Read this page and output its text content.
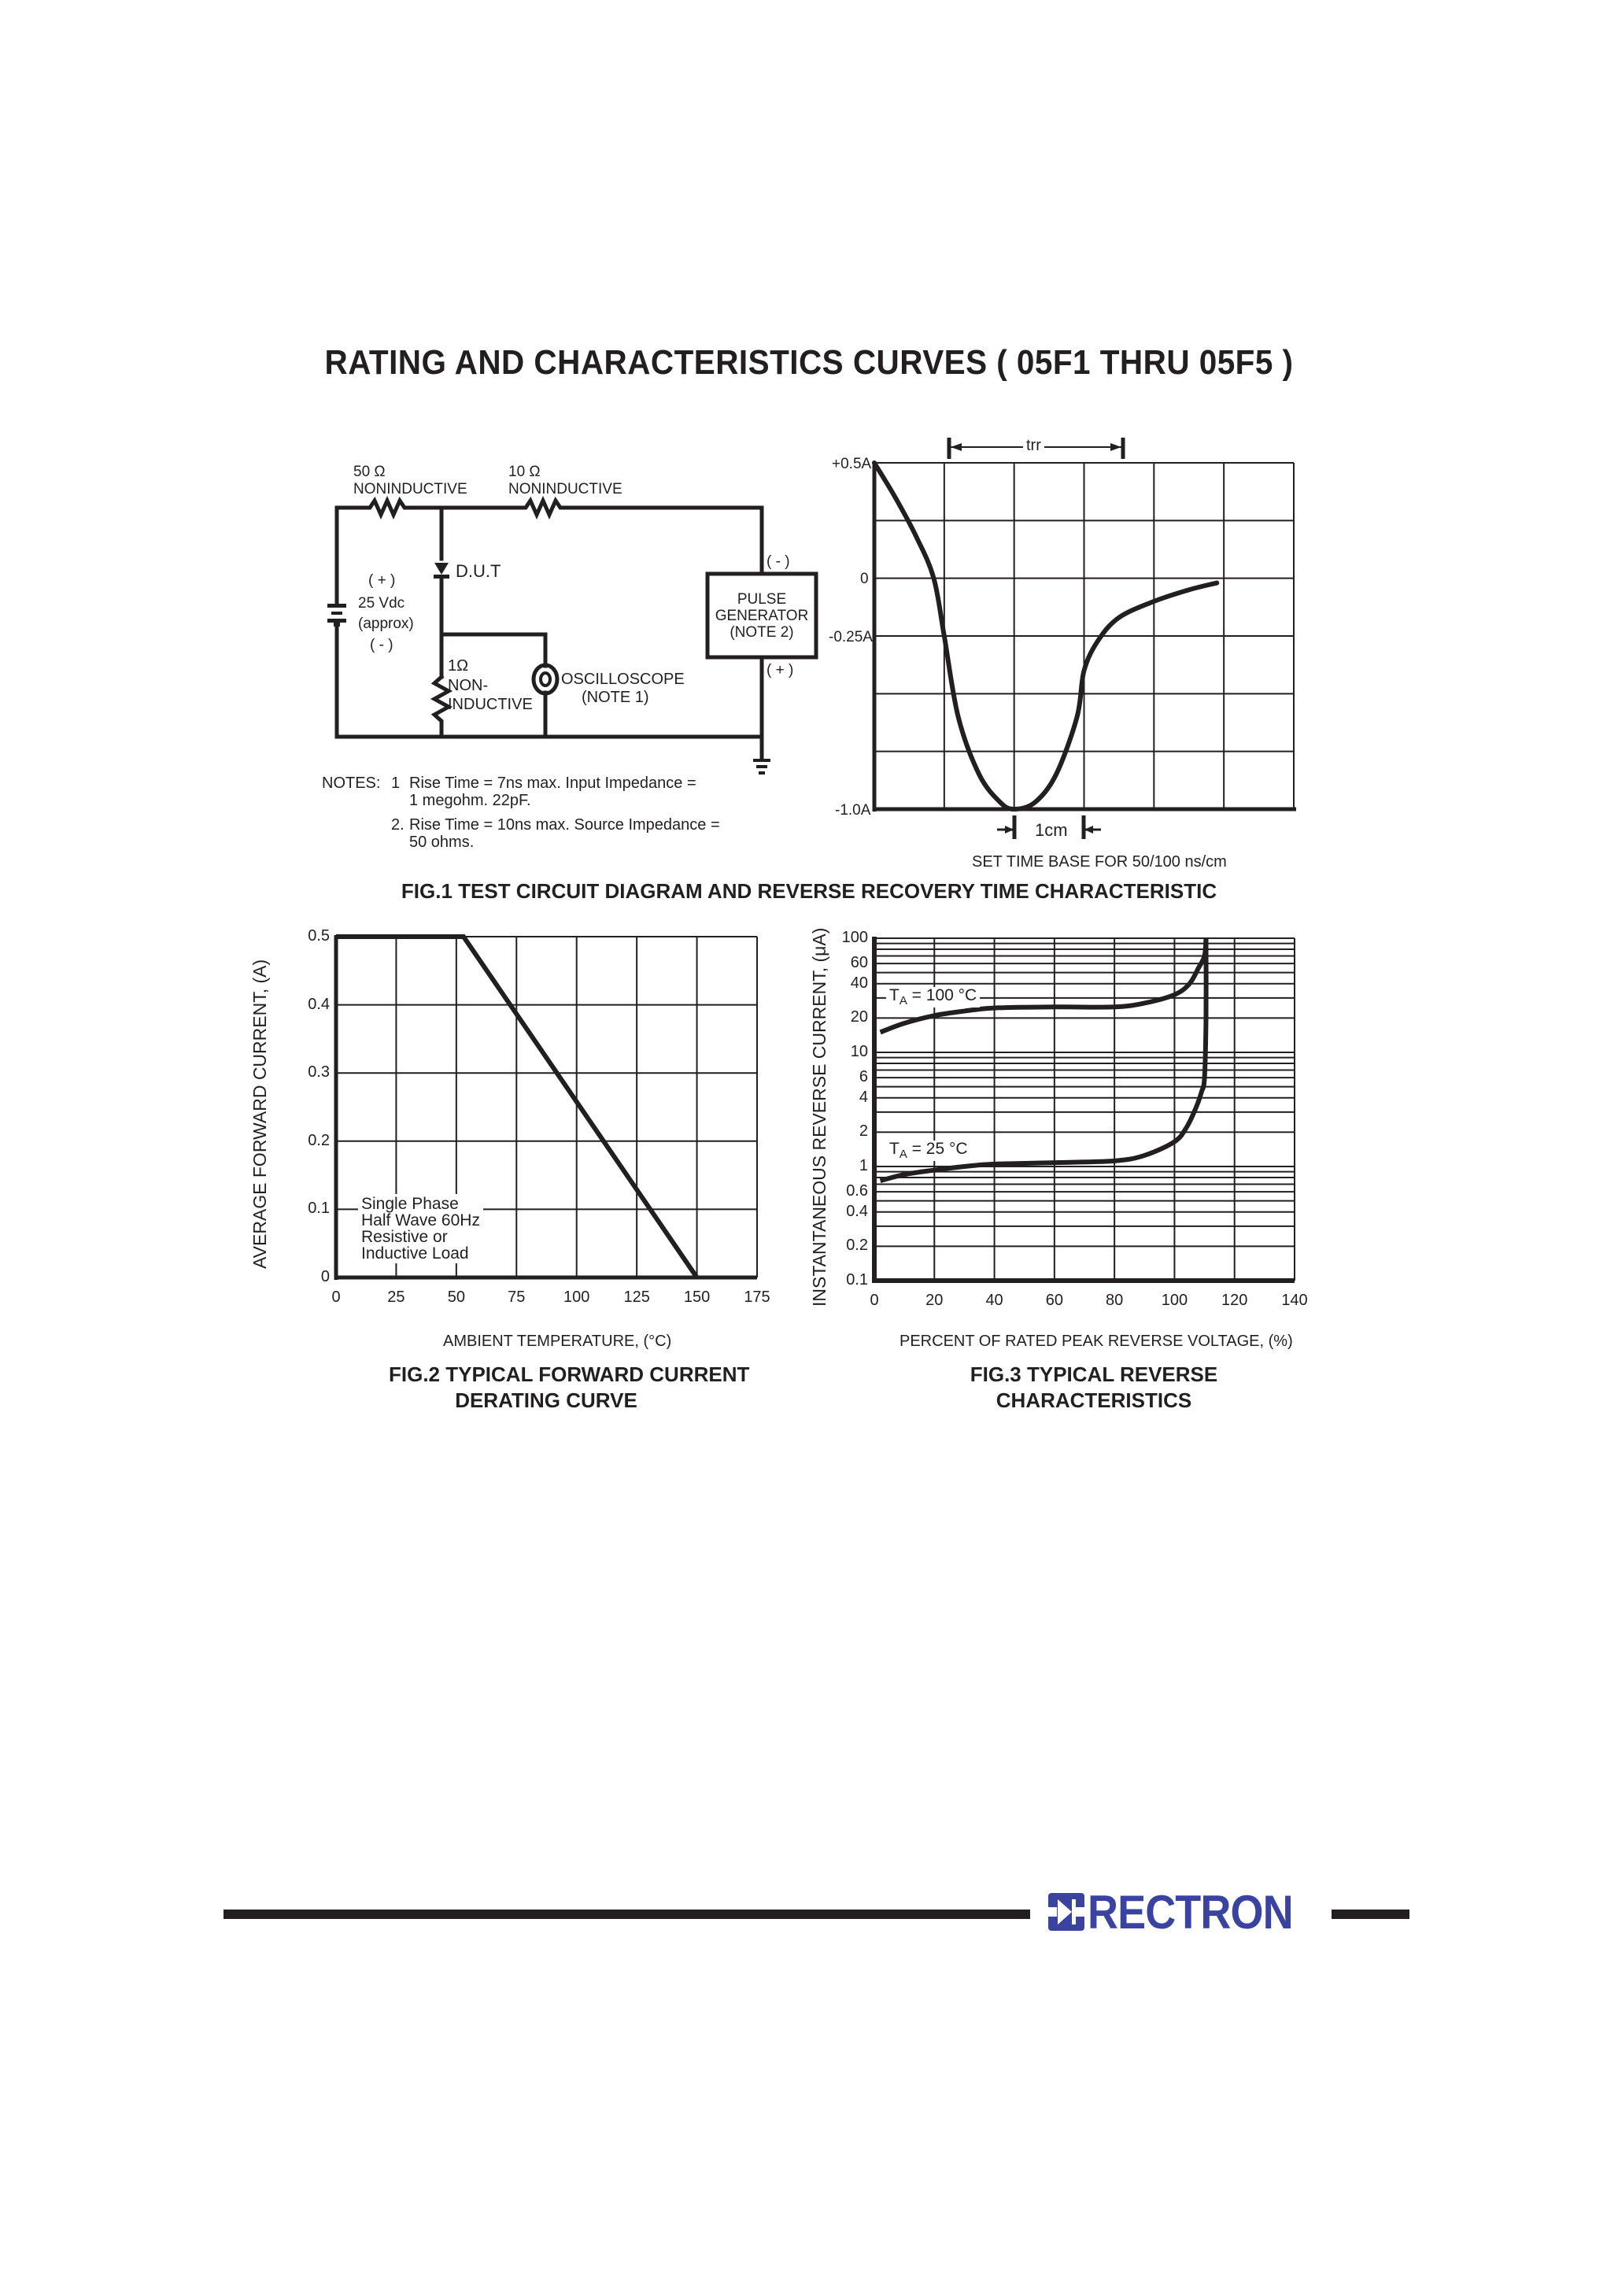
RATING AND CHARACTERISTICS CURVES ( 05F1 THRU 05F5 )
50 Ω
NONINDUCTIVE
10 Ω
NONINDUCTIVE
D.U.T
( + )
25 Vdc
(approx)
( - )
1Ω
NON-
INDUCTIVE
OSCILLOSCOPE
(NOTE 1)
( - )
( + )
PULSE
GENERATOR
(NOTE 2)
NOTES: 1 Rise Time = 7ns max. Input Impedance =
1 megohm. 22pF.
2. Rise Time = 10ns max. Source Impedance =
50 ohms.
+0.5A
0
-0.25A
-1.0A
trr
1cm
SET TIME BASE FOR 50/100 ns/cm
FIG.1 TEST CIRCUIT DIAGRAM AND REVERSE RECOVERY TIME CHARACTERISTIC
0
0.1
0.2
0.3
0.4
0.5
0	25	50	75	100	125	150	175
Single Phase
Half Wave 60Hz
Resistive or
Inductive Load
AVERAGE FORWARD CURRENT, (A)
AMBIENT TEMPERATURE, (°C)
FIG.2 TYPICAL FORWARD CURRENT
DERATING CURVE
0.1
0.2
0.4
0.6
1
2
4
6
10
20
40
60
100
0	20	40	60	80	100	120	140
$T_A = 100$ °C
$T_A = 25$ °C
INSTANTANEOUS REVERSE CURRENT, (μA)
PERCENT OF RATED PEAK REVERSE VOLTAGE, (%)
FIG.3 TYPICAL REVERSE
CHARACTERISTICS
RECTRON
